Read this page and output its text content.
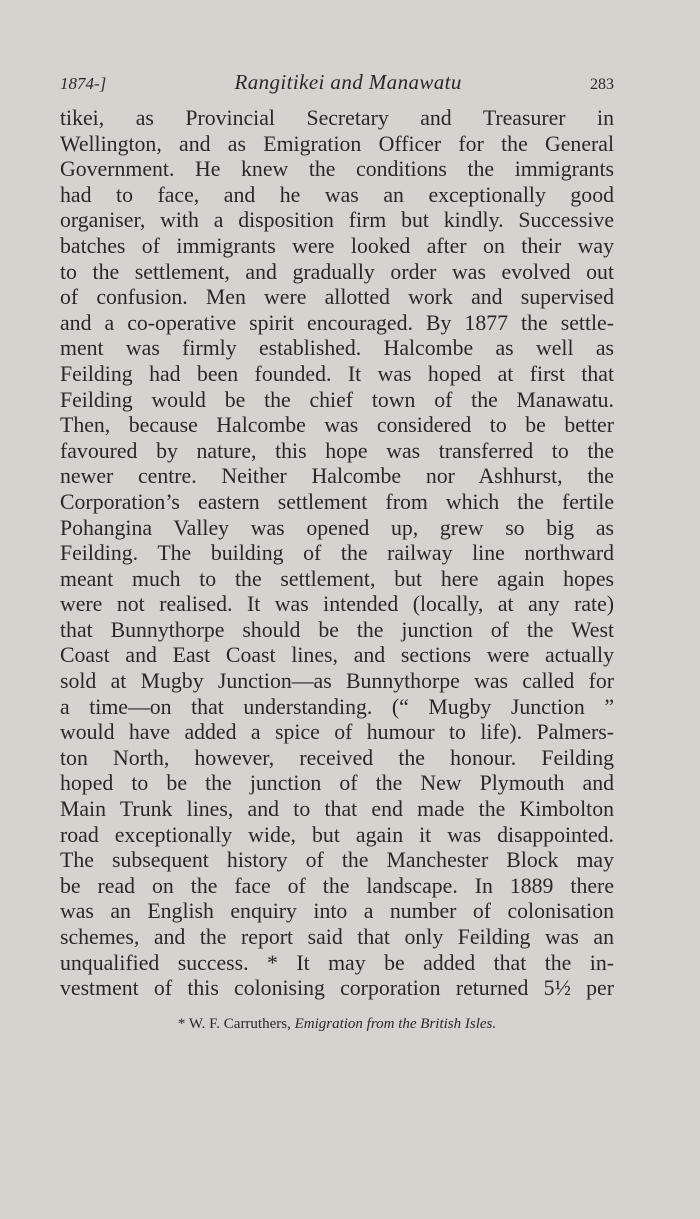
1874-]	Rangitikei and Manawatu	283
tikei, as Provincial Secretary and Treasurer in
Wellington, and as Emigration Officer for the General
Government. He knew the conditions the immigrants
had to face, and he was an exceptionally good
organiser, with a disposition firm but kindly. Successive
batches of immigrants were looked after on their way
to the settlement, and gradually order was evolved out
of confusion. Men were allotted work and supervised
and a co-operative spirit encouraged. By 1877 the settle-
ment was firmly established. Halcombe as well as
Feilding had been founded. It was hoped at first that
Feilding would be the chief town of the Manawatu.
Then, because Halcombe was considered to be better
favoured by nature, this hope was transferred to the
newer centre. Neither Halcombe nor Ashhurst, the
Corporation’s eastern settlement from which the fertile
Pohangina Valley was opened up, grew so big as
Feilding. The building of the railway line northward
meant much to the settlement, but here again hopes
were not realised. It was intended (locally, at any rate)
that Bunnythorpe should be the junction of the West
Coast and East Coast lines, and sections were actually
sold at Mugby Junction—as Bunnythorpe was called for
a time—on that understanding. (“ Mugby Junction ”
would have added a spice of humour to life). Palmers-
ton North, however, received the honour. Feilding
hoped to be the junction of the New Plymouth and
Main Trunk lines, and to that end made the Kimbolton
road exceptionally wide, but again it was disappointed.
The subsequent history of the Manchester Block may
be read on the face of the landscape. In 1889 there
was an English enquiry into a number of colonisation
schemes, and the report said that only Feilding was an
unqualified success. * It may be added that the in-
vestment of this colonising corporation returned 5½ per
* W. F. Carruthers, Emigration from the British Isles.
